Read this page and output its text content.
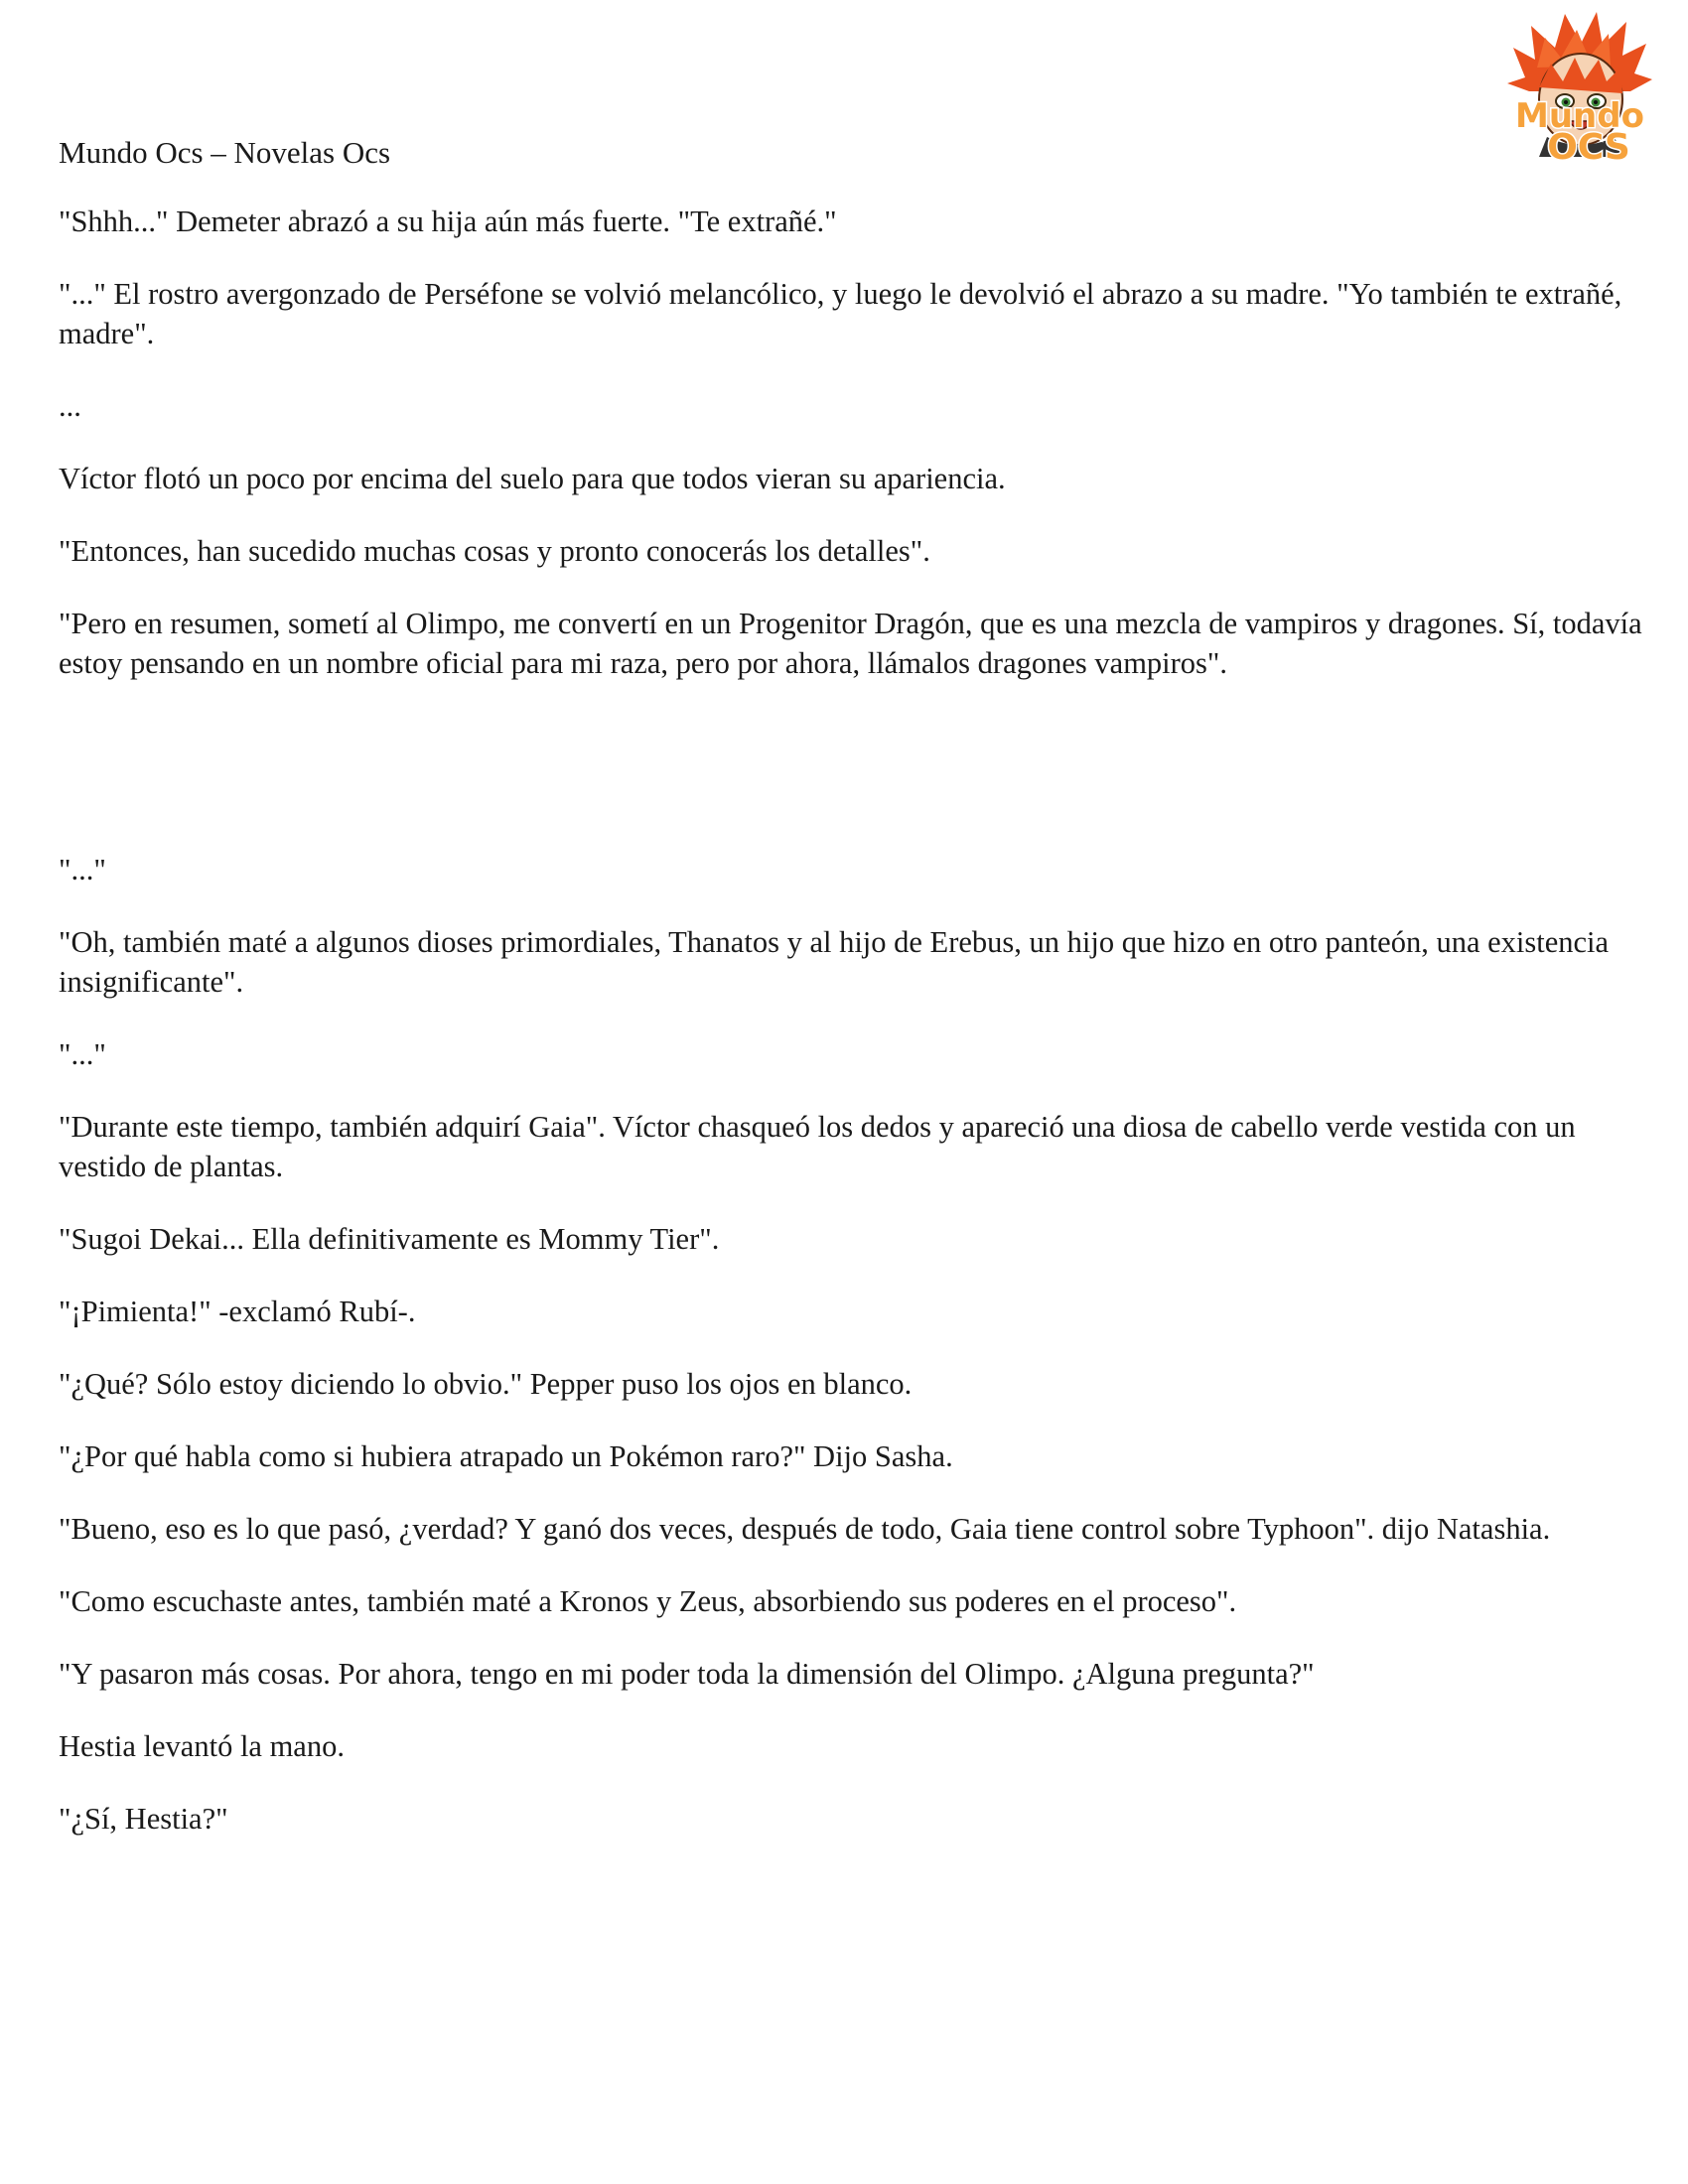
Mundo Ocs – Novelas Ocs
Mundo
OCS

"Shhh..." Demeter abrazó a su hija aún más fuerte. "Te extrañé."

"..." El rostro avergonzado de Perséfone se volvió melancólico, y luego le devolvió el abrazo a su madre. "Yo también te extrañé, madre".

...

Víctor flotó un poco por encima del suelo para que todos vieran su apariencia.

"Entonces, han sucedido muchas cosas y pronto conocerás los detalles".

"Pero en resumen, sometí al Olimpo, me convertí en un Progenitor Dragón, que es una mezcla de vampiros y dragones. Sí, todavía estoy pensando en un nombre oficial para mi raza, pero por ahora, llámalos dragones vampiros".

"..."

"Oh, también maté a algunos dioses primordiales, Thanatos y al hijo de Erebus, un hijo que hizo en otro panteón, una existencia insignificante".

"..."

"Durante este tiempo, también adquirí Gaia". Víctor chasqueó los dedos y apareció una diosa de cabello verde vestida con un vestido de plantas.

"Sugoi Dekai... Ella definitivamente es Mommy Tier".

"¡Pimienta!" -exclamó Rubí-.

"¿Qué? Sólo estoy diciendo lo obvio." Pepper puso los ojos en blanco.

"¿Por qué habla como si hubiera atrapado un Pokémon raro?" Dijo Sasha.

"Bueno, eso es lo que pasó, ¿verdad? Y ganó dos veces, después de todo, Gaia tiene control sobre Typhoon". dijo Natashia.

"Como escuchaste antes, también maté a Kronos y Zeus, absorbiendo sus poderes en el proceso".

"Y pasaron más cosas. Por ahora, tengo en mi poder toda la dimensión del Olimpo. ¿Alguna pregunta?"

Hestia levantó la mano.

"¿Sí, Hestia?"
